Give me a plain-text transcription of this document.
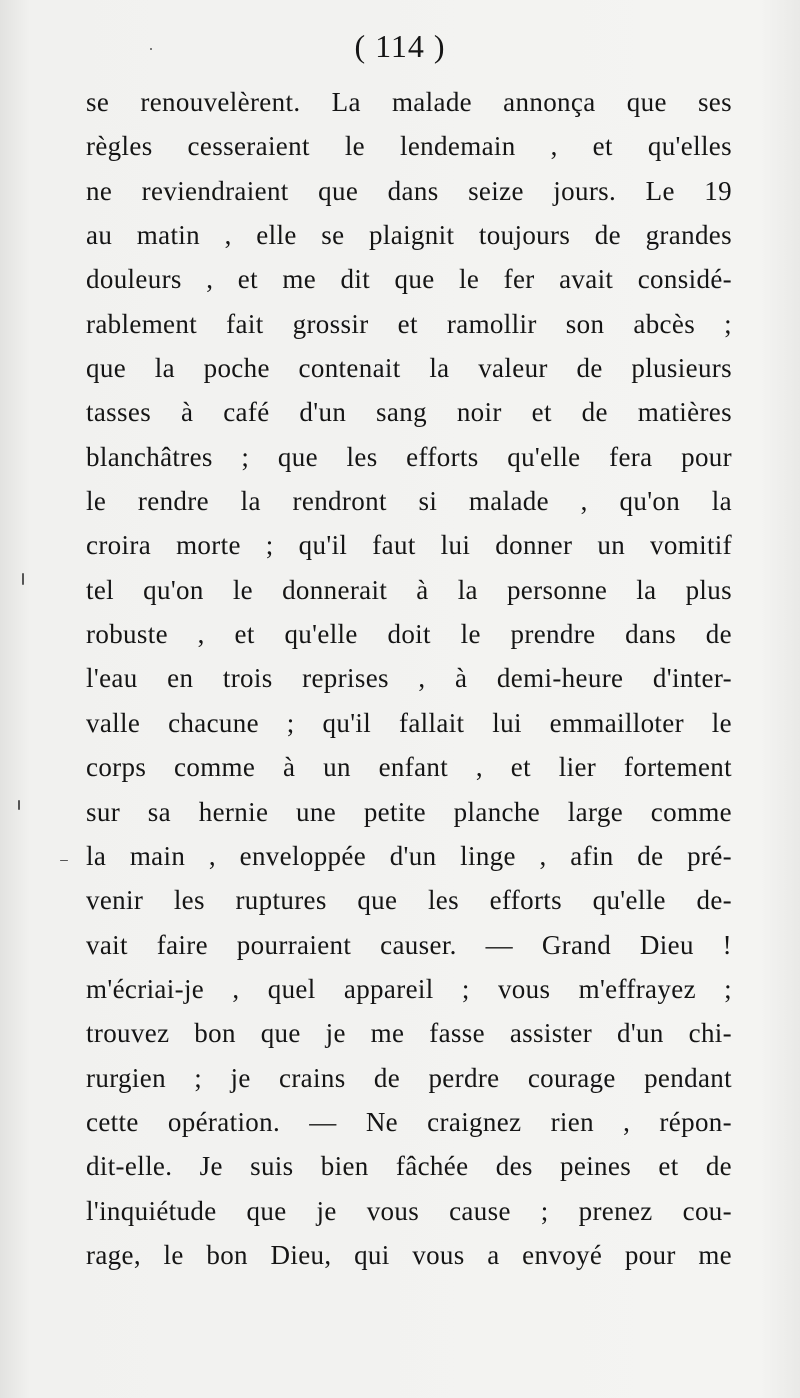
( 114 )
se renouvelèrent. La malade annonça que ses
règles cesseraient le lendemain , et qu'elles
ne reviendraient que dans seize jours. Le 19
au matin , elle se plaignit toujours de grandes
douleurs , et me dit que le fer avait considé-
rablement fait grossir et ramollir son abcès ;
que la poche contenait la valeur de plusieurs
tasses à café d'un sang noir et de matières
blanchâtres ; que les efforts qu'elle fera pour
le rendre la rendront si malade , qu'on la
croira morte ; qu'il faut lui donner un vomitif
tel qu'on le donnerait à la personne la plus
robuste , et qu'elle doit le prendre dans de
l'eau en trois reprises , à demi-heure d'inter-
valle chacune ; qu'il fallait lui emmailloter le
corps comme à un enfant , et lier fortement
sur sa hernie une petite planche large comme
la main , enveloppée d'un linge , afin de pré-
venir les ruptures que les efforts qu'elle de-
vait faire pourraient causer. — Grand Dieu !
m'écriai-je , quel appareil ; vous m'effrayez ;
trouvez bon que je me fasse assister d'un chi-
rurgien ; je crains de perdre courage pendant
cette opération. — Ne craignez rien , répon-
dit-elle. Je suis bien fâchée des peines et de
l'inquiétude que je vous cause ; prenez cou-
rage, le bon Dieu, qui vous a envoyé pour me
